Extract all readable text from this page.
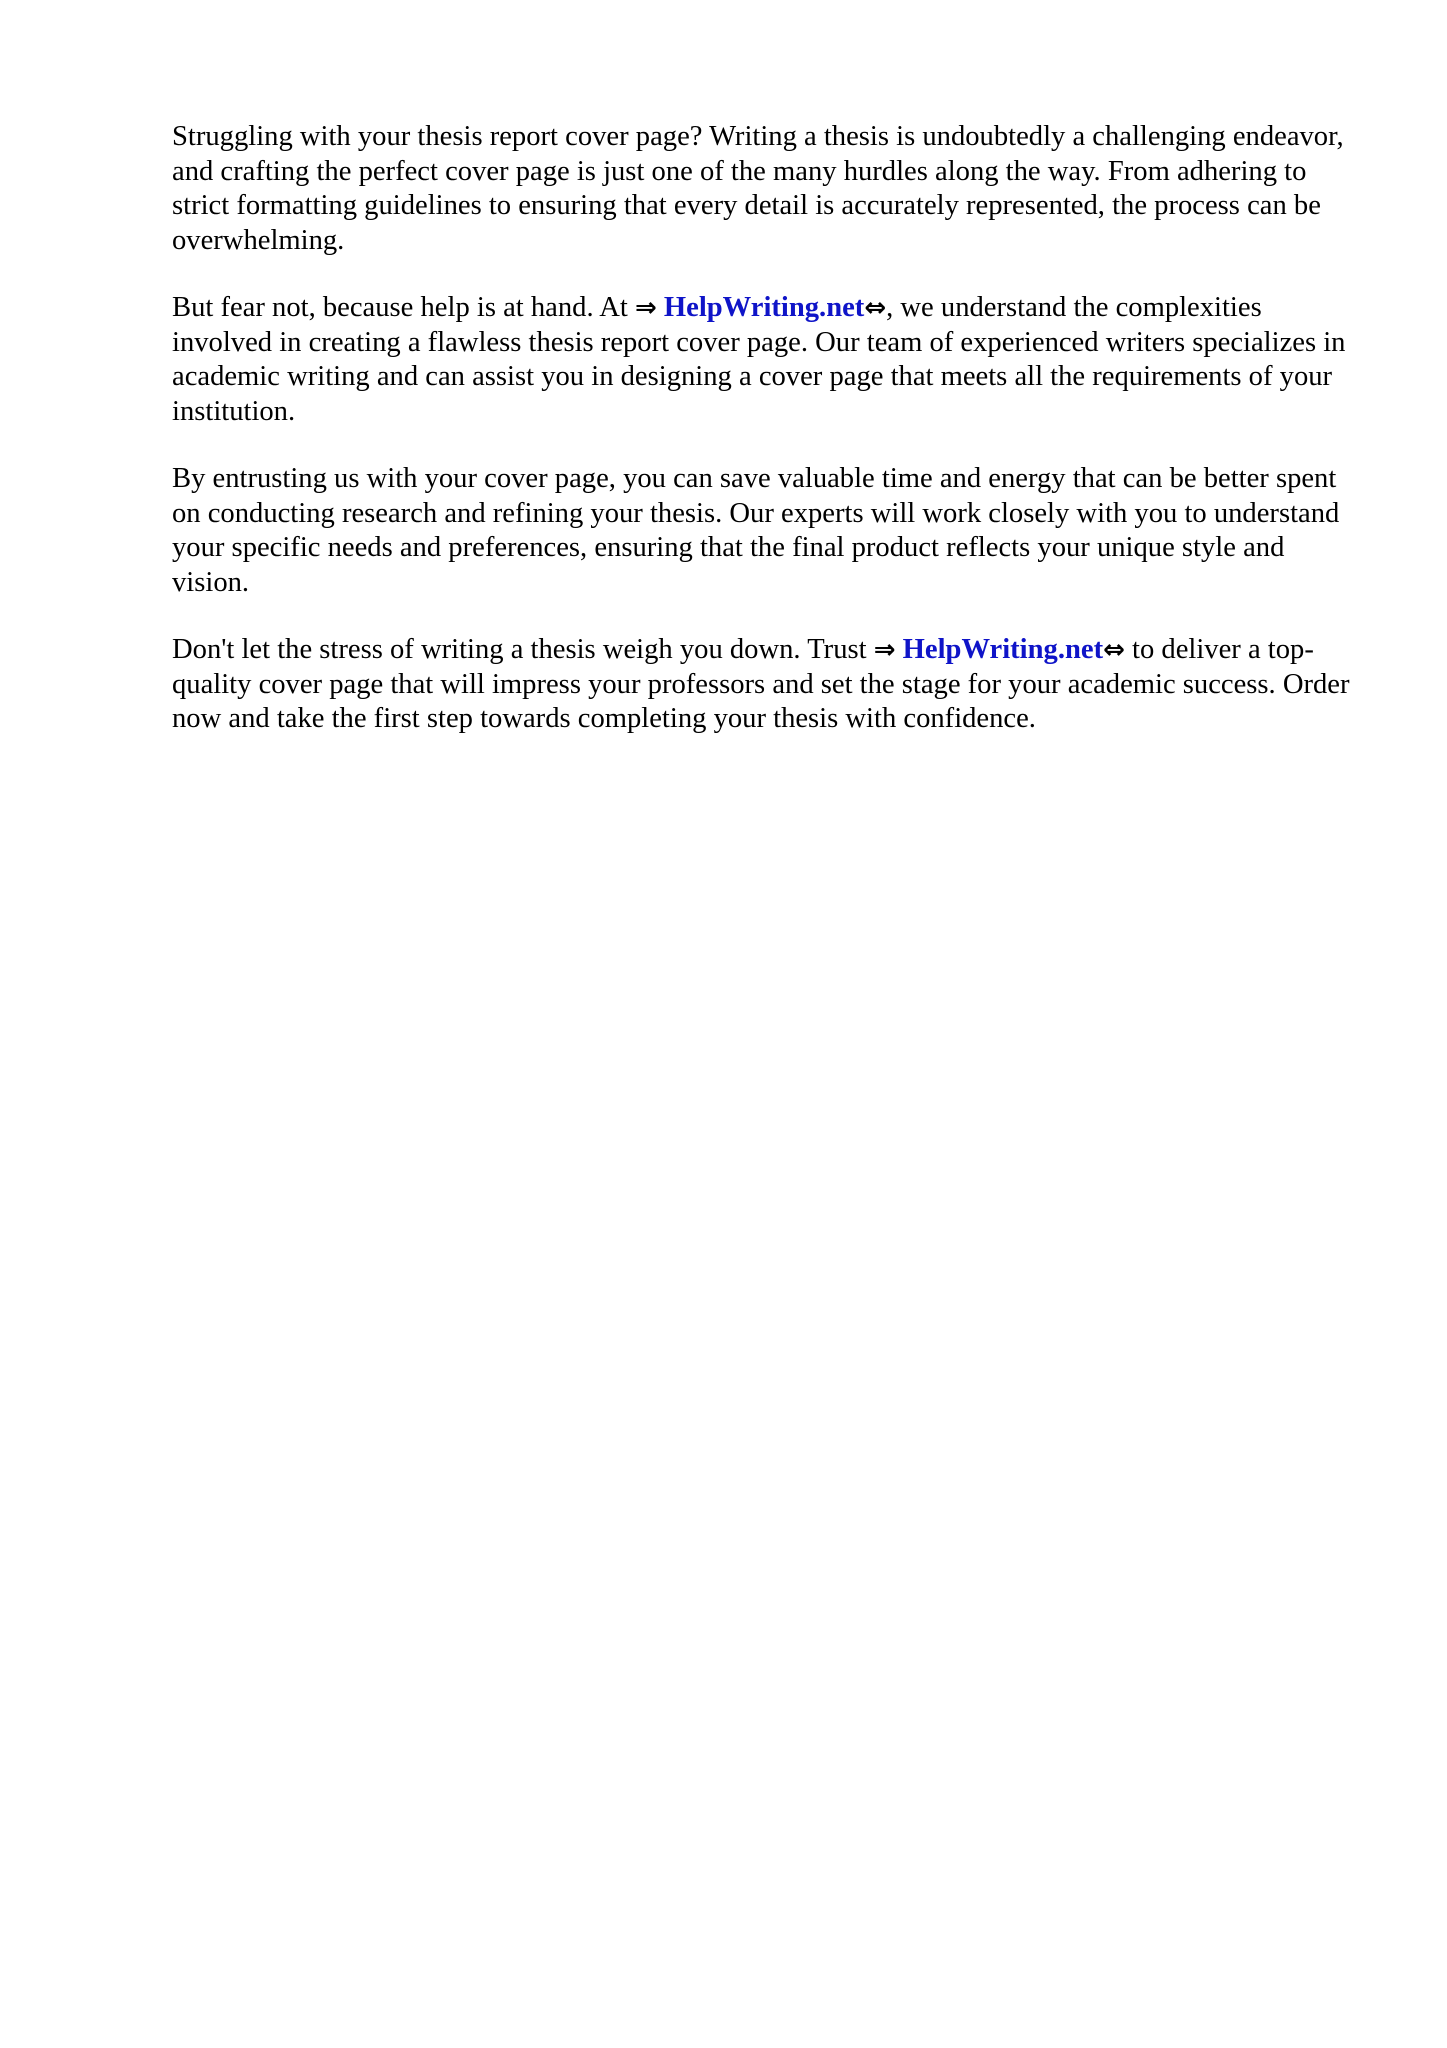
Struggling with your thesis report cover page? Writing a thesis is undoubtedly a challenging endeavor, and crafting the perfect cover page is just one of the many hurdles along the way. From adhering to strict formatting guidelines to ensuring that every detail is accurately represented, the process can be overwhelming.

But fear not, because help is at hand. At ⇒ HelpWriting.net⇔, we understand the complexities involved in creating a flawless thesis report cover page. Our team of experienced writers specializes in academic writing and can assist you in designing a cover page that meets all the requirements of your institution.

By entrusting us with your cover page, you can save valuable time and energy that can be better spent on conducting research and refining your thesis. Our experts will work closely with you to understand your specific needs and preferences, ensuring that the final product reflects your unique style and vision.

Don't let the stress of writing a thesis weigh you down. Trust ⇒ HelpWriting.net⇔ to deliver a top-quality cover page that will impress your professors and set the stage for your academic success. Order now and take the first step towards completing your thesis with confidence.
